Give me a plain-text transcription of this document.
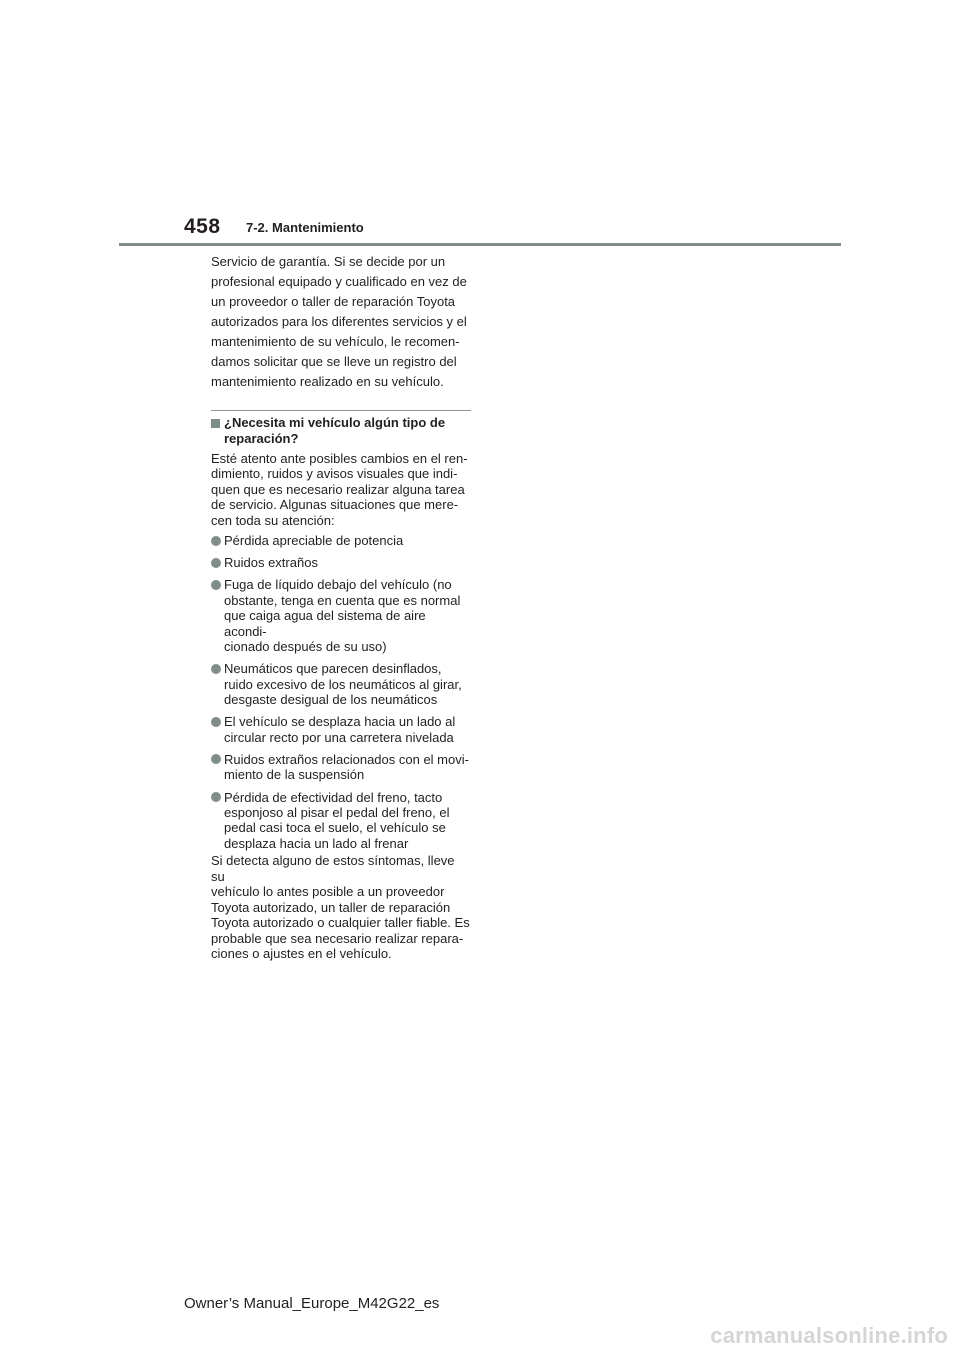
458 7-2. Mantenimiento
Servicio de garantía. Si se decide por un
profesional equipado y cualificado en vez de
un proveedor o taller de reparación Toyota
autorizados para los diferentes servicios y el
mantenimiento de su vehículo, le recomen-
damos solicitar que se lleve un registro del
mantenimiento realizado en su vehículo.
¿Necesita mi vehículo algún tipo de
reparación?
Esté atento ante posibles cambios en el ren-
dimiento, ruidos y avisos visuales que indi-
quen que es necesario realizar alguna tarea
de servicio. Algunas situaciones que mere-
cen toda su atención:
Pérdida apreciable de potencia
Ruidos extraños
Fuga de líquido debajo del vehículo (no
obstante, tenga en cuenta que es normal
que caiga agua del sistema de aire acondi-
cionado después de su uso)
Neumáticos que parecen desinflados,
ruido excesivo de los neumáticos al girar,
desgaste desigual de los neumáticos
El vehículo se desplaza hacia un lado al
circular recto por una carretera nivelada
Ruidos extraños relacionados con el movi-
miento de la suspensión
Pérdida de efectividad del freno, tacto
esponjoso al pisar el pedal del freno, el
pedal casi toca el suelo, el vehículo se
desplaza hacia un lado al frenar
Si detecta alguno de estos síntomas, lleve su
vehículo lo antes posible a un proveedor
Toyota autorizado, un taller de reparación
Toyota autorizado o cualquier taller fiable. Es
probable que sea necesario realizar repara-
ciones o ajustes en el vehículo.
Owner’s Manual_Europe_M42G22_es
carmanualsonline.info
